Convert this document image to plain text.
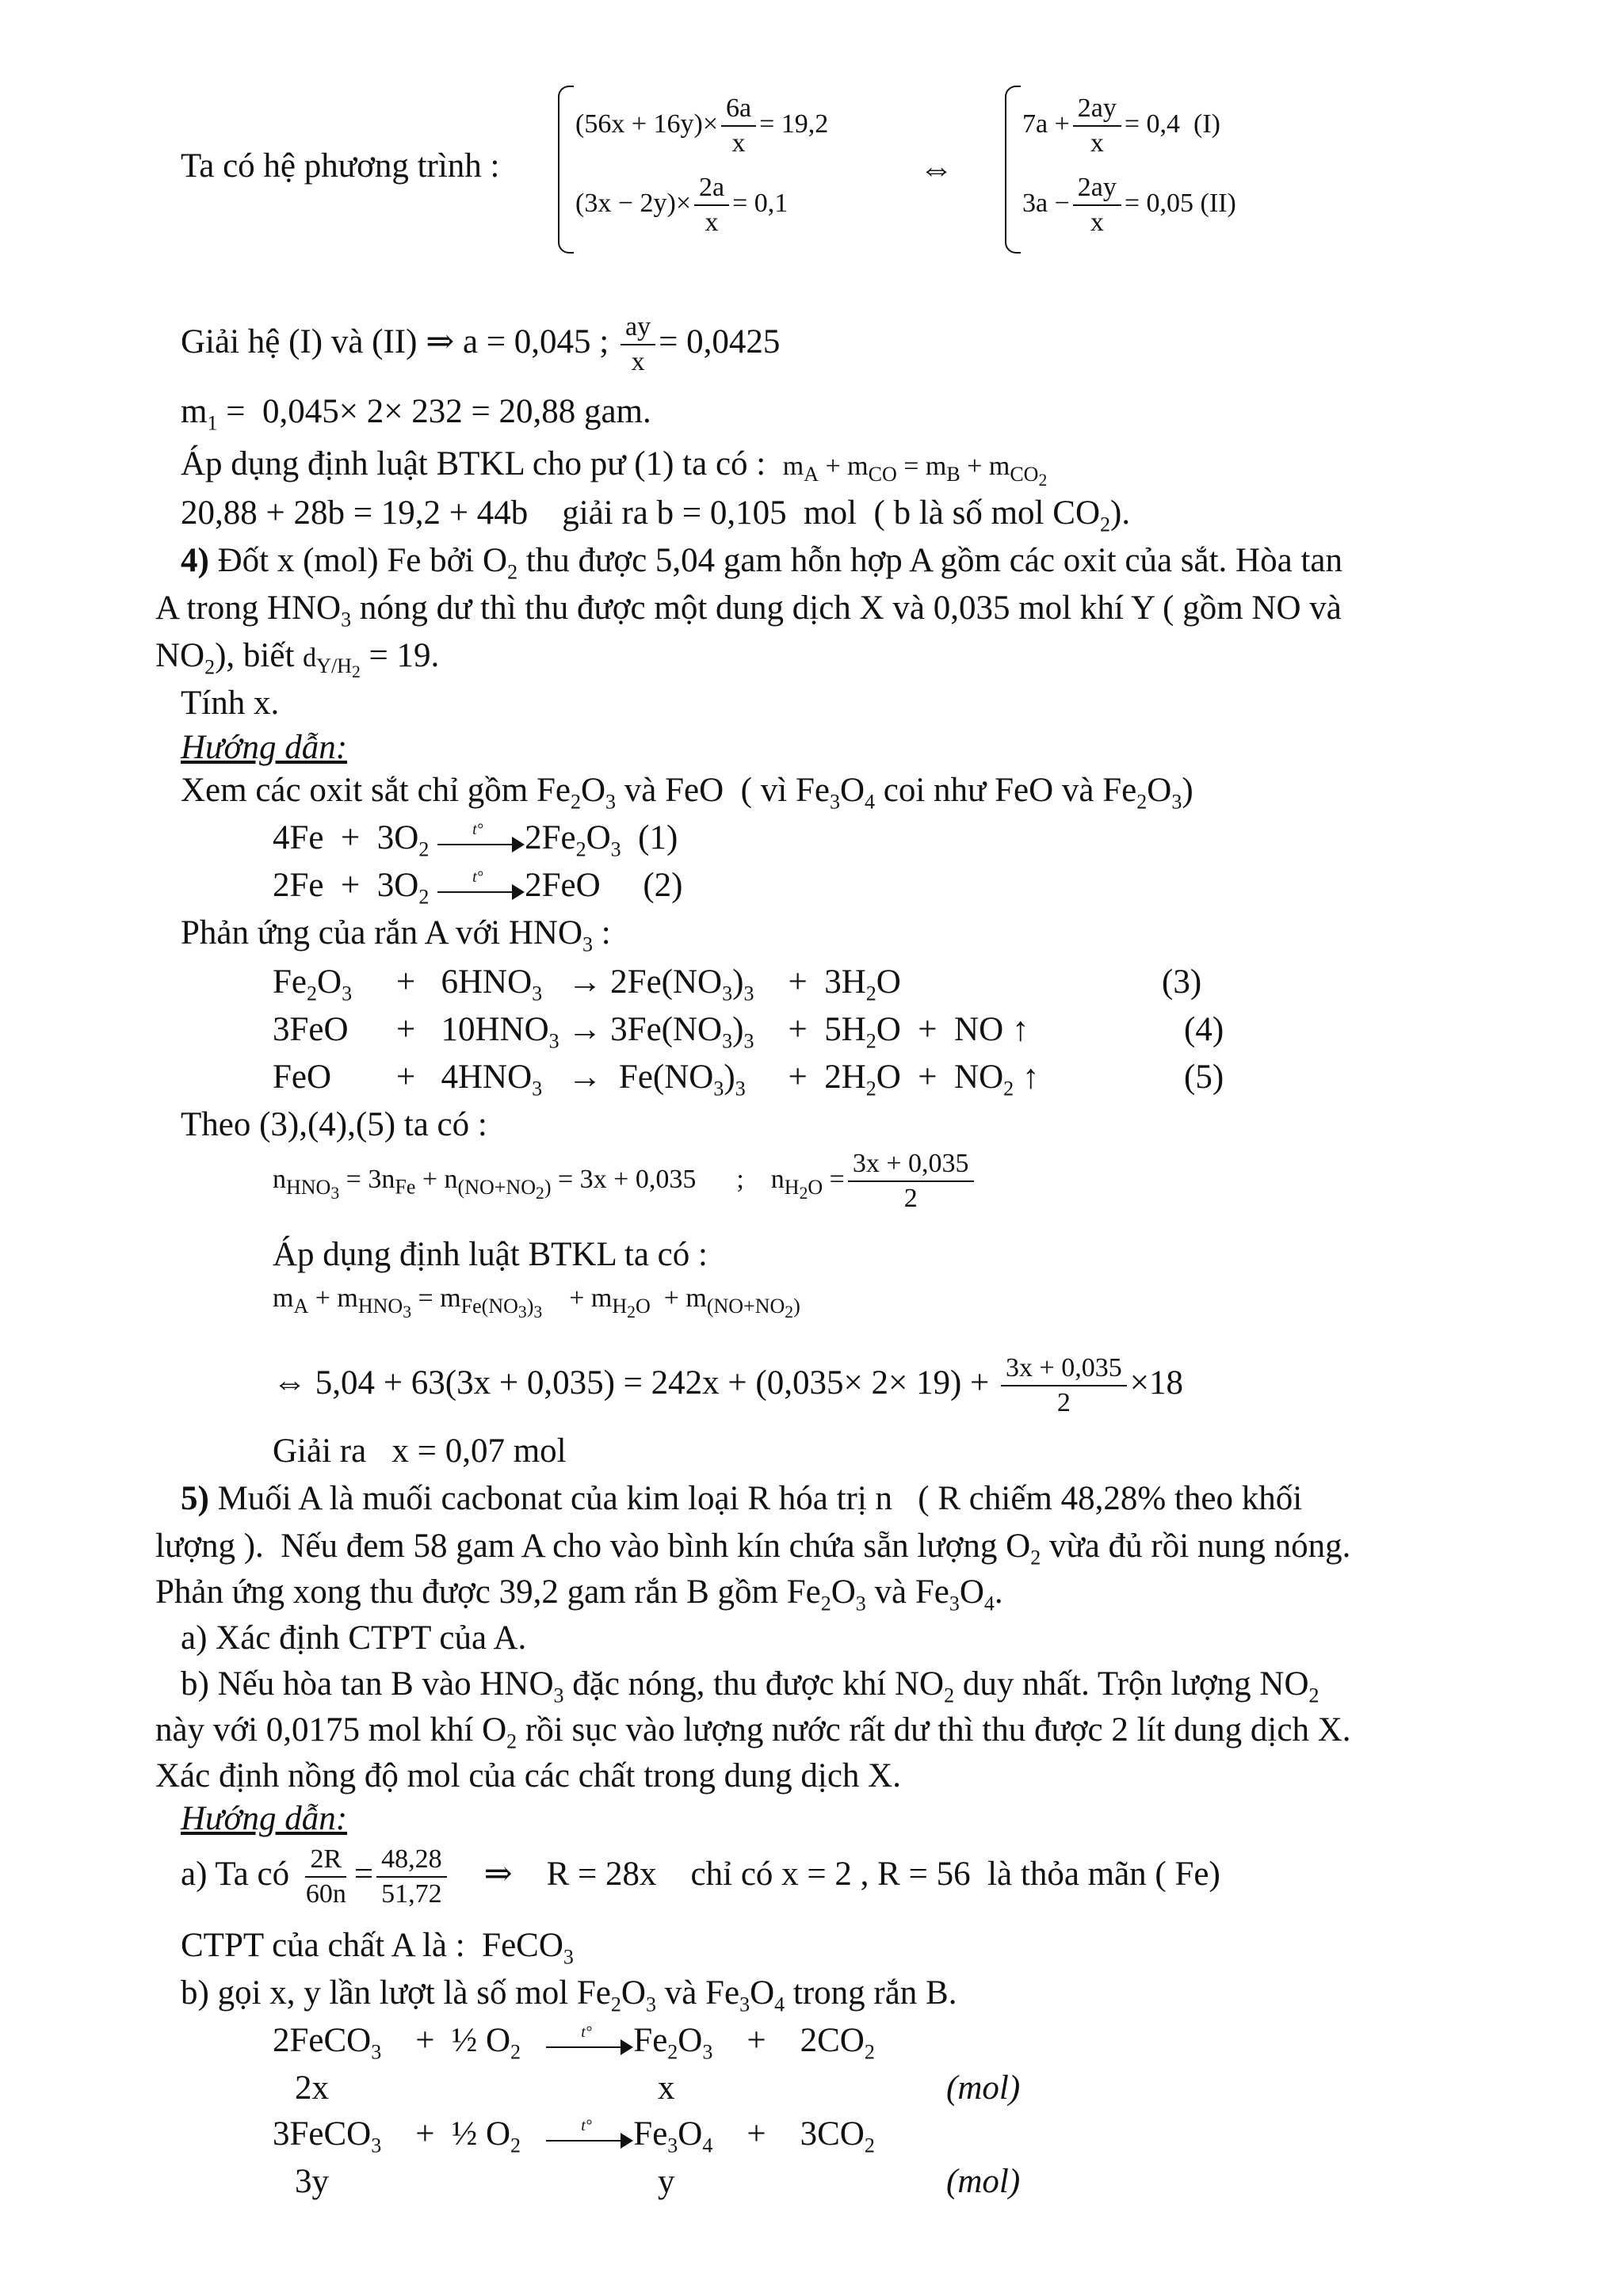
Ta có hệ phương trình :
$(56x + 16y)\times \frac{6a}{x} = 19,2$
$(3x - 2y)\times \frac{2a}{x} = 0,1$
⇔
$7a + \frac{2ay}{x} = 0,4$  (I)
$3a - \frac{2ay}{x} = 0,05$ (II)
Giải hệ (I) và (II) ⇒ a = 0,045 ; $\frac{ay}{x} = 0,0425$
$m_1 = 0,045\times 2\times 232 = 20,88$ gam.
Áp dụng định luật BTKL cho pư (1) ta có :  $m_A + m_{CO} = m_B + m_{CO_2}$
20,88 + 28b = 19,2 + 44b    giải ra b = 0,105  mol  ( b là số mol $CO_2$).
4) Đốt x (mol) Fe bởi $O_2$ thu được 5,04 gam hỗn hợp A gồm các oxit của sắt. Hòa tan
A trong $HNO_3$ nóng dư thì thu được một dung dịch X và 0,035 mol khí Y ( gồm NO và
$NO_2$), biết $d_{Y/H_2} = 19$.
Tính x.
Hướng dẫn:
Xem các oxit sắt chỉ gồm $Fe_2O_3$ và FeO  ( vì $Fe_3O_4$ coi như FeO và $Fe_2O_3$)
$4Fe + 3O_2$
t° $2Fe_2O_3$  (1)
$2Fe + 3O_2$
t° 2FeO     (2)
Phản ứng của rắn A với $HNO_3$ :
$Fe_2O_3 + 6HNO_3 \to 2Fe(NO_3)_3$    +  $3H_2O$	(3)
$3FeO + 10HNO_3 \to 3Fe(NO_3)_3$    +  $5H_2O$  +  NO ↑	(4)
FeO +   $4HNO_3 \to Fe(NO_3)_3$     +  $2H_2O + NO_2$ ↑	(5)
Theo (3),(4),(5) ta có :
$n_{HNO_3} = 3n_{Fe} + n_{(NO+NO_2)} = 3x + 0,035$      ;    $n_{H_2O} = \frac{3x + 0,035}{2}$
Áp dụng định luật BTKL ta có :
$m_A + m_{HNO_3} = m_{Fe(NO_3)_3}$    + $m_{H_2O} + m_{(NO+NO_2)}$
⇔ $5,04 + 63(3x + 0,035) = 242x + (0,035\times 2\times 19) + \frac{3x + 0,035}{2} \times 18$
Giải ra   x = 0,07 mol
5) Muối A là muối cacbonat của kim loại R hóa trị n   ( R chiếm 48,28% theo khối
lượng ).  Nếu đem 58 gam A cho vào bình kín chứa sẵn lượng $O_2$ vừa đủ rồi nung nóng.
Phản ứng xong thu được 39,2 gam rắn B gồm $Fe_2O_3$ và $Fe_3O_4$.
a) Xác định CTPT của A.
b) Nếu hòa tan B vào $HNO_3$ đặc nóng, thu được khí $NO_2$ duy nhất. Trộn lượng $NO_2$
này với 0,0175 mol khí $O_2$ rồi sục vào lượng nước rất dư thì thu được 2 lít dung dịch X.
Xác định nồng độ mol của các chất trong dung dịch X.
Hướng dẫn:
a) Ta có $\frac{2R}{60n} = \frac{48,28}{51,72}$ ⇒    R = 28x    chỉ có x = 2 , R = 56  là thỏa mãn ( Fe)
CTPT của chất A là :  FeCO$_3$
b) gọi x, y lần lượt là số mol $Fe_2O_3$ và $Fe_3O_4$ trong rắn B.
2FeCO$_3$    +  ½ $O_2$
t° $Fe_2O_3$    +    $2CO_2$
2x	x	(mol)
3FeCO$_3$    +  ½ $O_2$
t° $Fe_3O_4$    +    $3CO_2$
3y	y	(mol)
